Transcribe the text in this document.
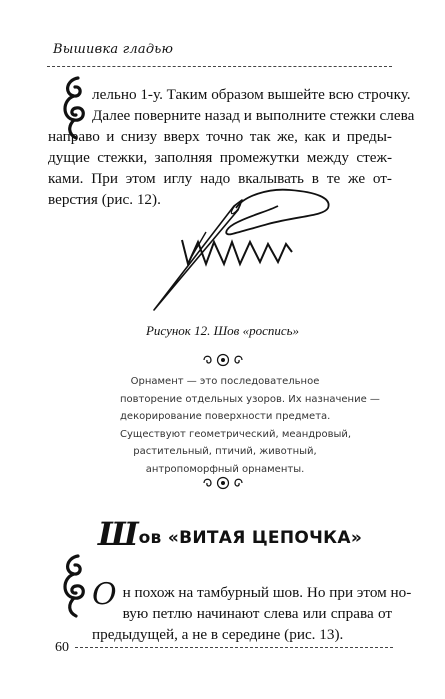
Вышивка гладью
лельно 1-у. Таким образом вышейте всю строчку.
Далее поверните назад и выполните стежки слева
направо и снизу вверх точно так же, как и преды-
дущие стежки, заполняя промежутки между стеж-
ками. При этом иглу надо вкалывать в те же от-
верстия (рис. 12).
Рисунок 12. Шов «роспись»
Орнамент — это последовательное
повторение отдельных узоров. Их назначение —
декорирование поверхности предмета.
Существуют геометрический, меандровый,
растительный, птичий, животный,
антропоморфный орнаменты.
Шов «ВИТАЯ ЦЕПОЧКА»
Он похож на тамбурный шов. Но при этом но-
вую петлю начинают слева или справа от
предыдущей, а не в середине (рис. 13).
60
